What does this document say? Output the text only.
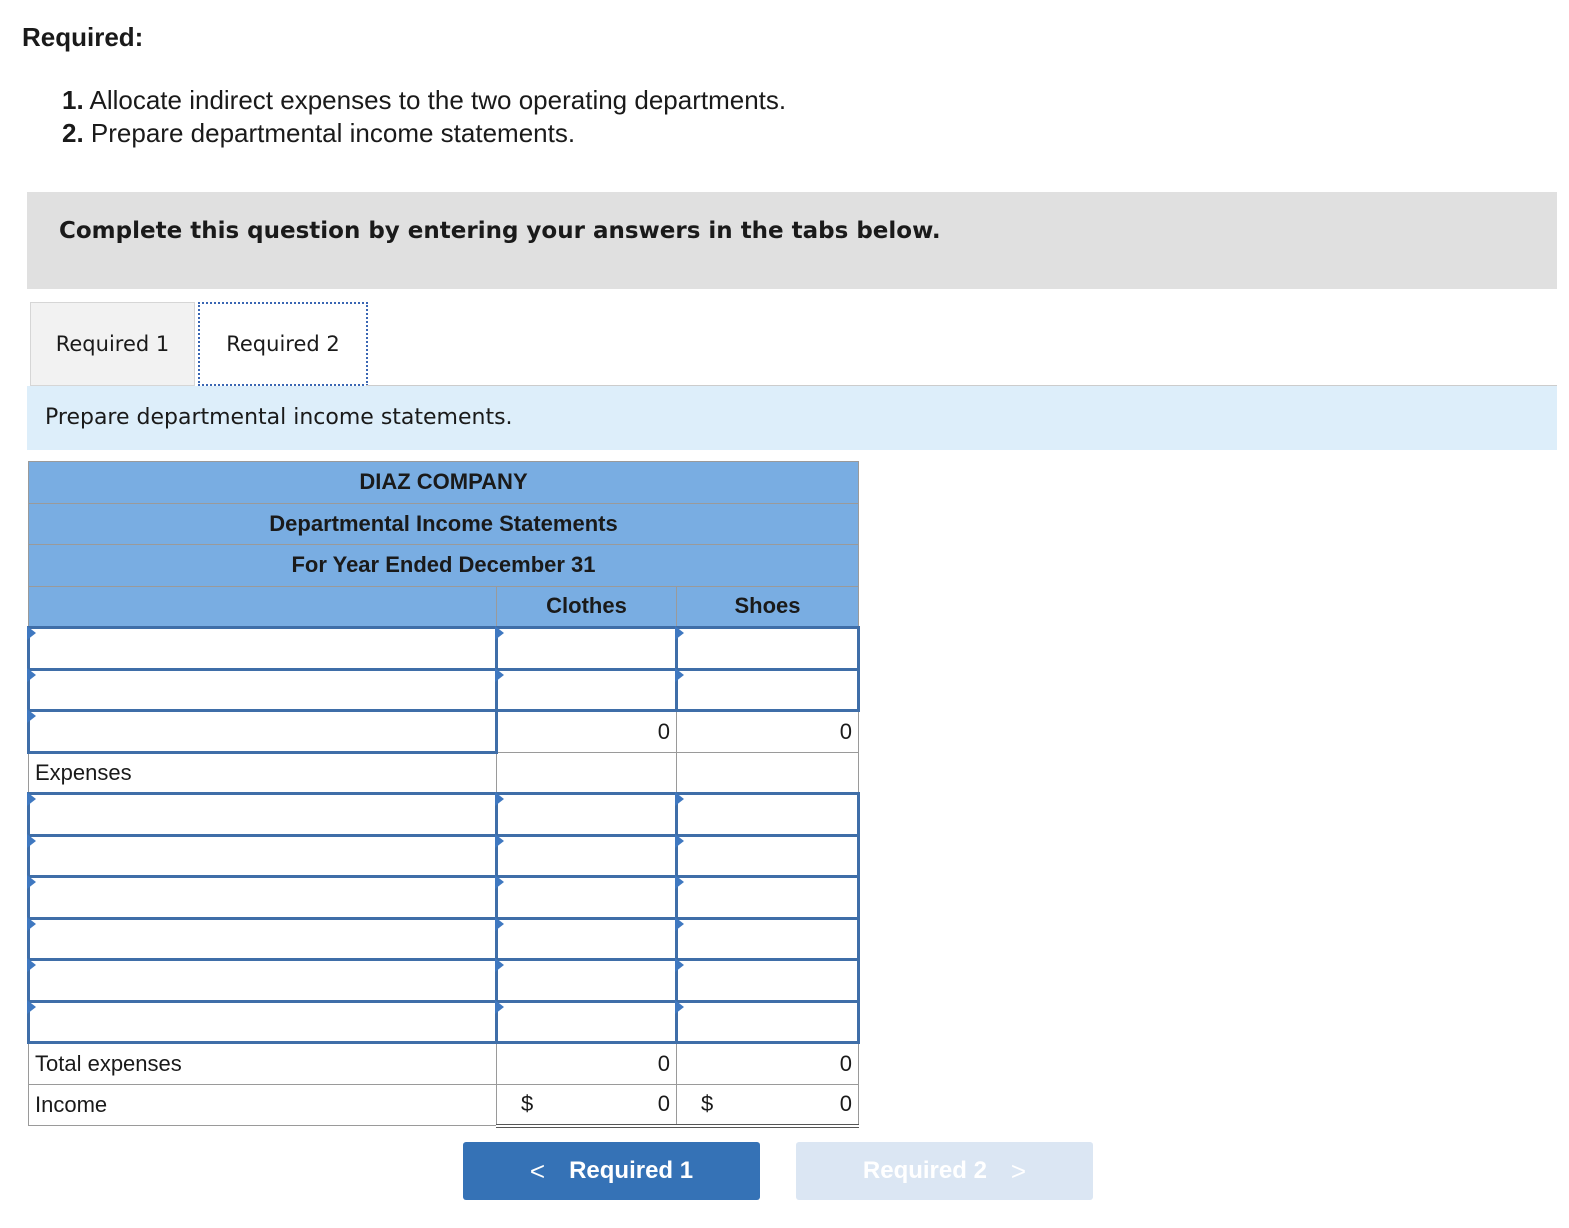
Required:
1. Allocate indirect expenses to the two operating departments.
2. Prepare departmental income statements.
Complete this question by entering your answers in the tabs below.
Required 1	Required 2
Prepare departmental income statements.
DIAZ COMPANY		
Departmental Income Statements		
For Year Ended December 31		
	Clothes	Shoes

	0	0
Expenses		

Total expenses	0	0
Income	$ 0	$ 0
< Required 1	Required 2 >
